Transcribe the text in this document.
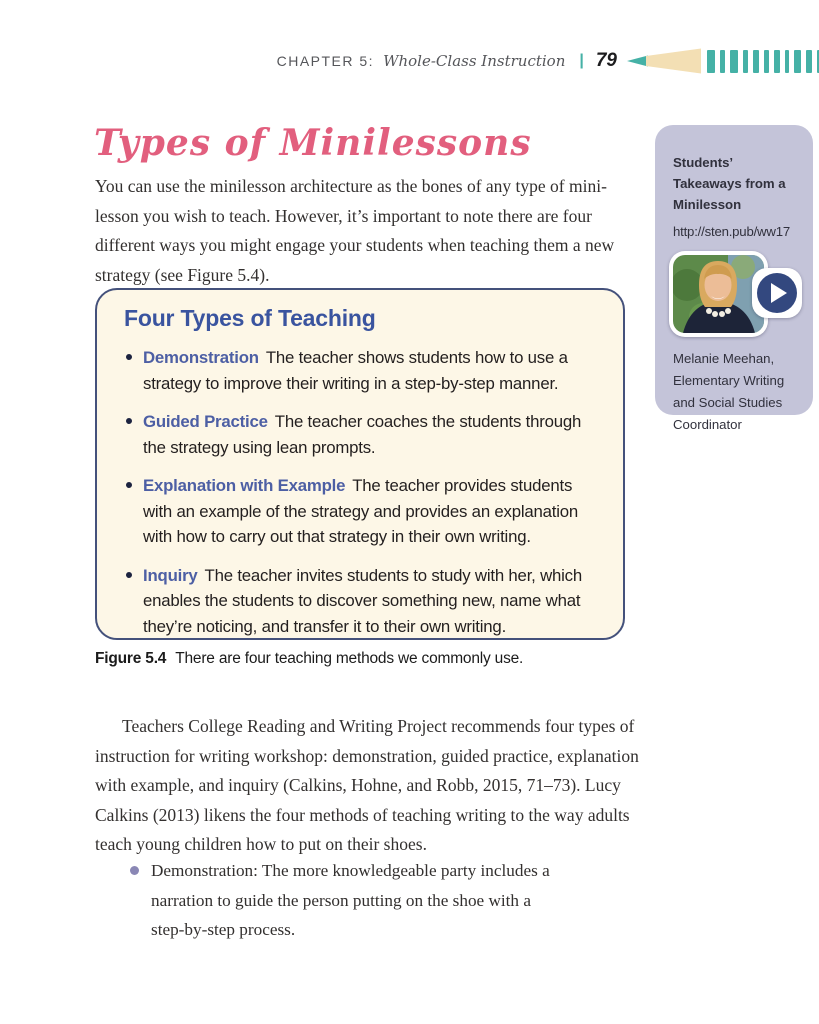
CHAPTER 5: Whole-Class Instruction | 79
Types of Minilessons

You can use the minilesson architecture as the bones of any type of mini-lesson you wish to teach. However, it’s important to note there are four different ways you might engage your students when teaching them a new strategy (see Figure 5.4).

Four Types of Teaching

Demonstration The teacher shows students how to use a strategy to improve their writing in a step-by-step manner.

Guided Practice The teacher coaches the students through the strategy using lean prompts.

Explanation with Example The teacher provides students with an example of the strategy and provides an explanation with how to carry out that strategy in their own writing.

Inquiry The teacher invites students to study with her, which enables the students to discover something new, name what they’re noticing, and transfer it to their own writing.

Figure 5.4 There are four teaching methods we commonly use.

Teachers College Reading and Writing Project recommends four types of instruction for writing workshop: demonstration, guided practice, explanation with example, and inquiry (Calkins, Hohne, and Robb, 2015, 71–73). Lucy Calkins (2013) likens the four methods of teaching writing to the way adults teach young children how to put on their shoes.

Demonstration: The more knowledgeable party includes a narration to guide the person putting on the shoe with a step-by-step process.

Students’ Takeaways from a Minilesson

http://sten.pub/ww17

Melanie Meehan, Elementary Writing and Social Studies Coordinator
